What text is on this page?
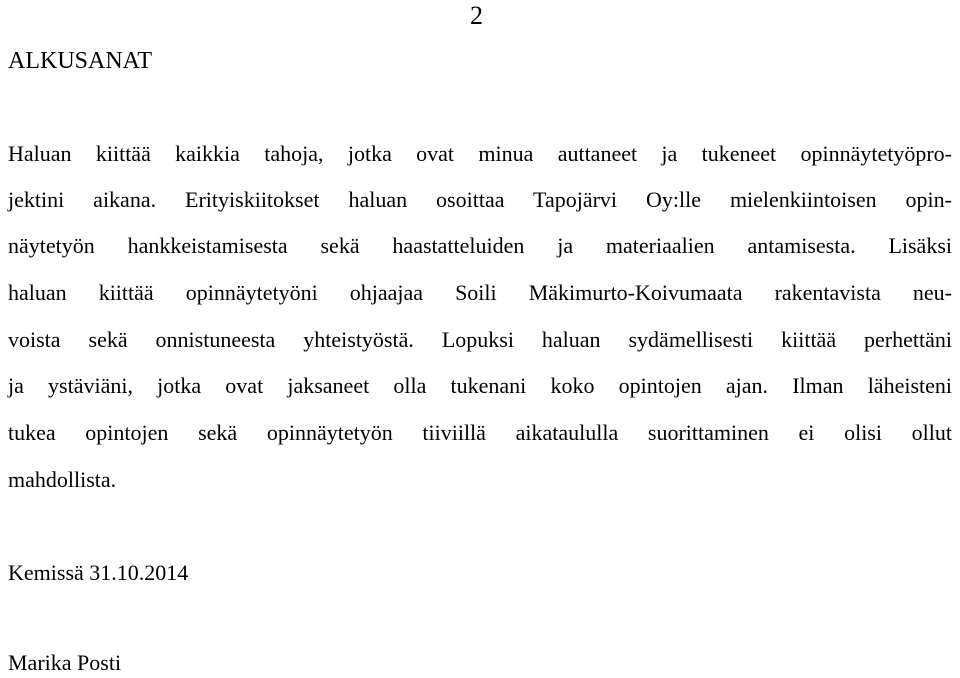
2
ALKUSANAT
Haluan kiittää kaikkia tahoja, jotka ovat minua auttaneet ja tukeneet opinnäytetyöpro-
jektini aikana. Erityiskiitokset haluan osoittaa Tapojärvi Oy:lle mielenkiintoisen opin-
näytetyön hankkeistamisesta sekä haastatteluiden ja materiaalien antamisesta. Lisäksi
haluan kiittää opinnäytetyöni ohjaajaa Soili Mäkimurto-Koivumaata rakentavista neu-
voista sekä onnistuneesta yhteistyöstä. Lopuksi haluan sydämellisesti kiittää perhettäni
ja ystäviäni, jotka ovat jaksaneet olla tukenani koko opintojen ajan. Ilman läheisteni
tukea opintojen sekä opinnäytetyön tiiviillä aikataululla suorittaminen ei olisi ollut
mahdollista.
Kemissä 31.10.2014
Marika Posti
